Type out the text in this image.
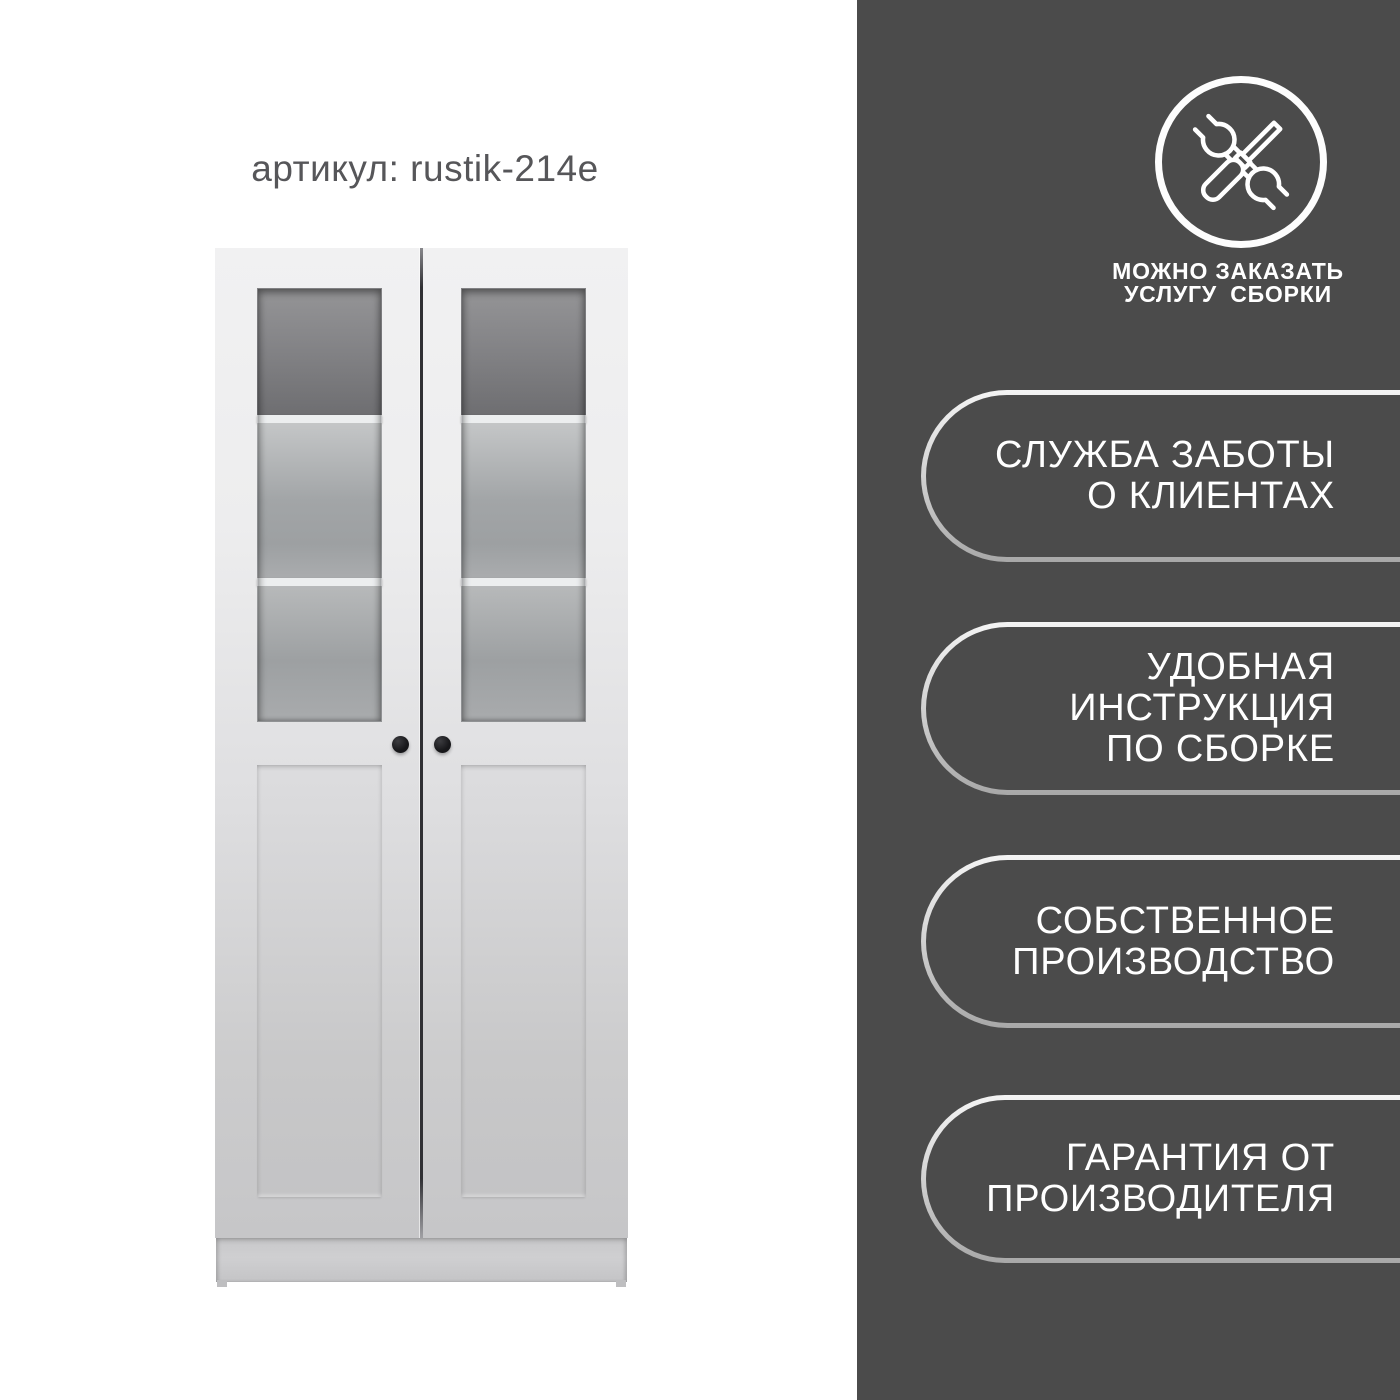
артикул: rustik-214e
МОЖНО ЗАКАЗАТЬ
УСЛУГУ СБОРКИ
СЛУЖБА ЗАБОТЫ
О КЛИЕНТАХ
УДОБНАЯ
ИНСТРУКЦИЯ
ПО СБОРКЕ
СОБСТВЕННОЕ
ПРОИЗВОДСТВО
ГАРАНТИЯ ОТ
ПРОИЗВОДИТЕЛЯ
